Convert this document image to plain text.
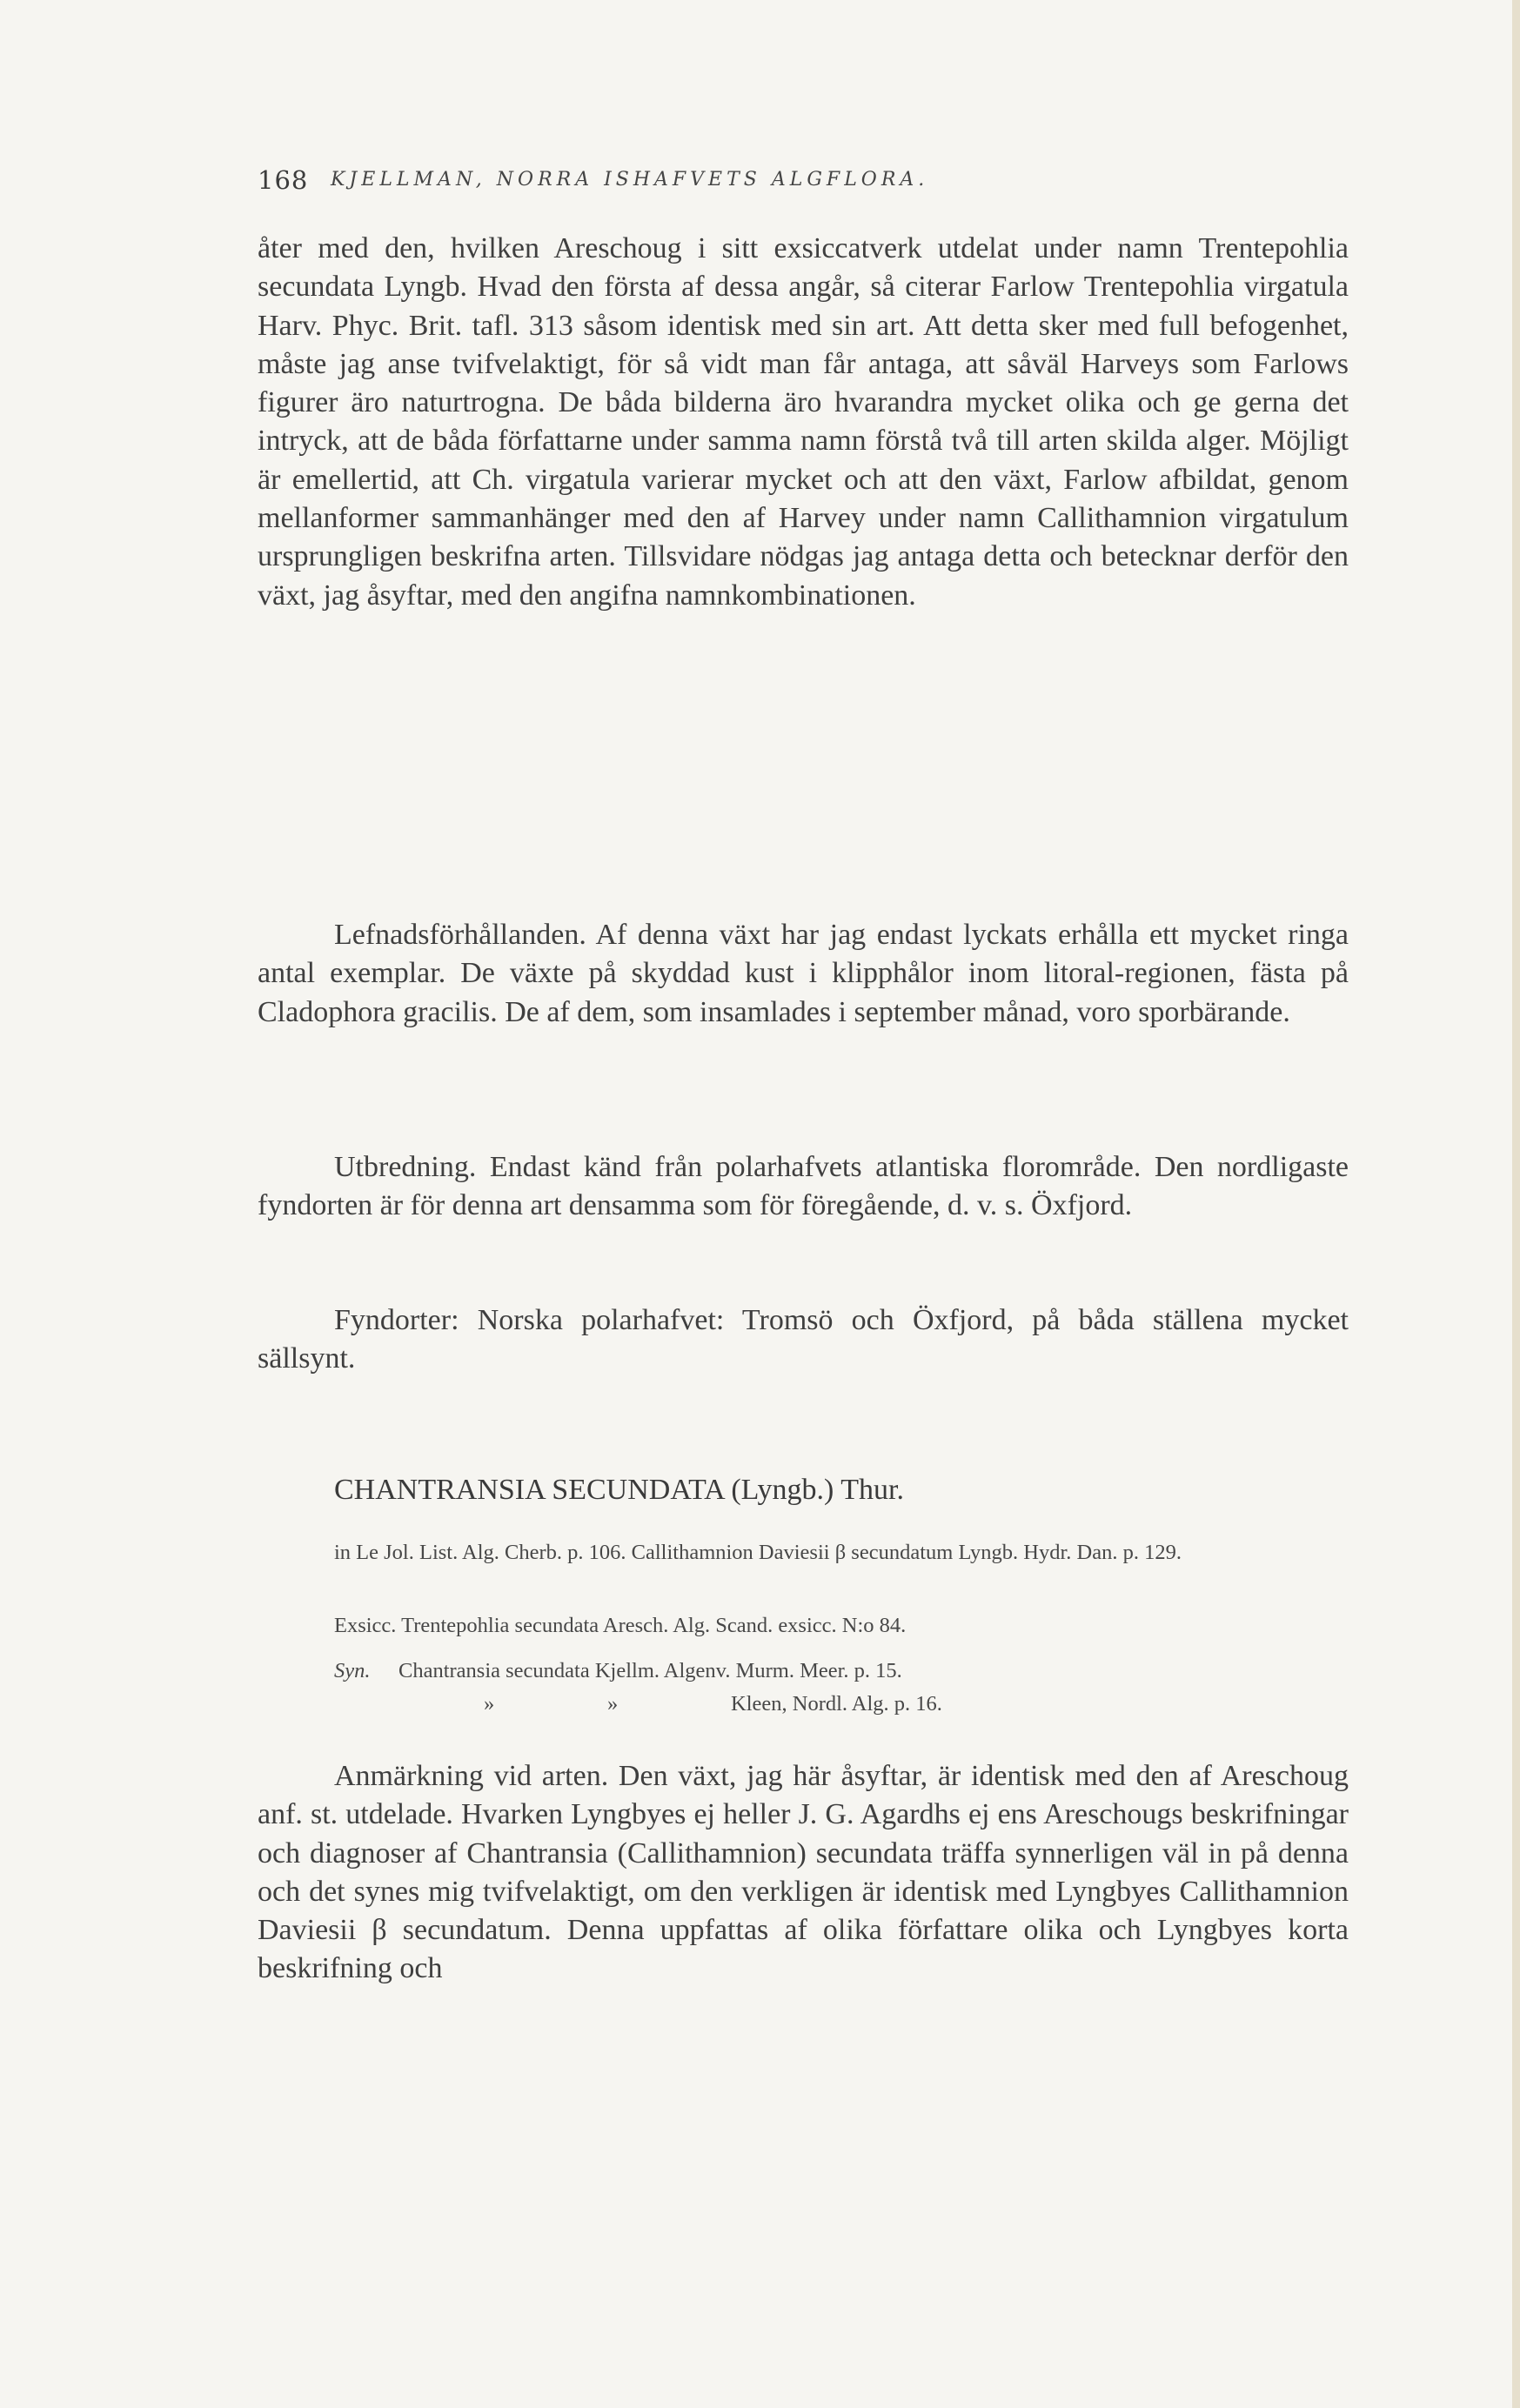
168 KJELLMAN, NORRA ISHAFVETS ALGFLORA.

åter med den, hvilken Areschoug i sitt exsiccatverk utdelat under namn Trentepohlia secundata Lyngb. Hvad den första af dessa angår, så citerar Farlow Trentepohlia virgatula Harv. Phyc. Brit. tafl. 313 såsom identisk med sin art. Att detta sker med full befogenhet, måste jag anse tvifvelaktigt, för så vidt man får antaga, att såväl Harveys som Farlows figurer äro naturtrogna. De båda bilderna äro hvarandra mycket olika och ge gerna det intryck, att de båda författarne under samma namn förstå två till arten skilda alger. Möjligt är emellertid, att Ch. virgatula varierar mycket och att den växt, Farlow afbildat, genom mellanformer sammanhänger med den af Harvey under namn Callithamnion virgatulum ursprungligen beskrifna arten. Tillsvidare nödgas jag antaga detta och betecknar derför den växt, jag åsyftar, med den angifna namnkombinationen.

Lefnadsförhållanden. Af denna växt har jag endast lyckats erhålla ett mycket ringa antal exemplar. De växte på skyddad kust i klipphålor inom litoral-regionen, fästa på Cladophora gracilis. De af dem, som insamlades i september månad, voro sporbärande.

Utbredning. Endast känd från polarhafvets atlantiska florområde. Den nordligaste fyndorten är för denna art densamma som för föregående, d. v. s. Öxfjord.

Fyndorter: Norska polarhafvet: Tromsö och Öxfjord, på båda ställena mycket sällsynt.

CHANTRANSIA SECUNDATA (Lyngb.) Thur.

in Le Jol. List. Alg. Cherb. p. 106. Callithamnion Daviesii β secundatum Lyngb. Hydr. Dan. p. 129.

Exsicc. Trentepohlia secundata Aresch. Alg. Scand. exsicc. N:o 84.

Syn.	Chantransia secundata Kjellm. Algenv. Murm. Meer. p. 15.
»	»	Kleen, Nordl. Alg. p. 16.

Anmärkning vid arten. Den växt, jag här åsyftar, är identisk med den af Areschoug anf. st. utdelade. Hvarken Lyngbyes ej heller J. G. Agardhs ej ens Areschougs beskrifningar och diagnoser af Chantransia (Callithamnion) secundata träffa synnerligen väl in på denna och det synes mig tvifvelaktigt, om den verkligen är identisk med Lyngbyes Callithamnion Daviesii β secundatum. Denna uppfattas af olika författare olika och Lyngbyes korta beskrifning och
